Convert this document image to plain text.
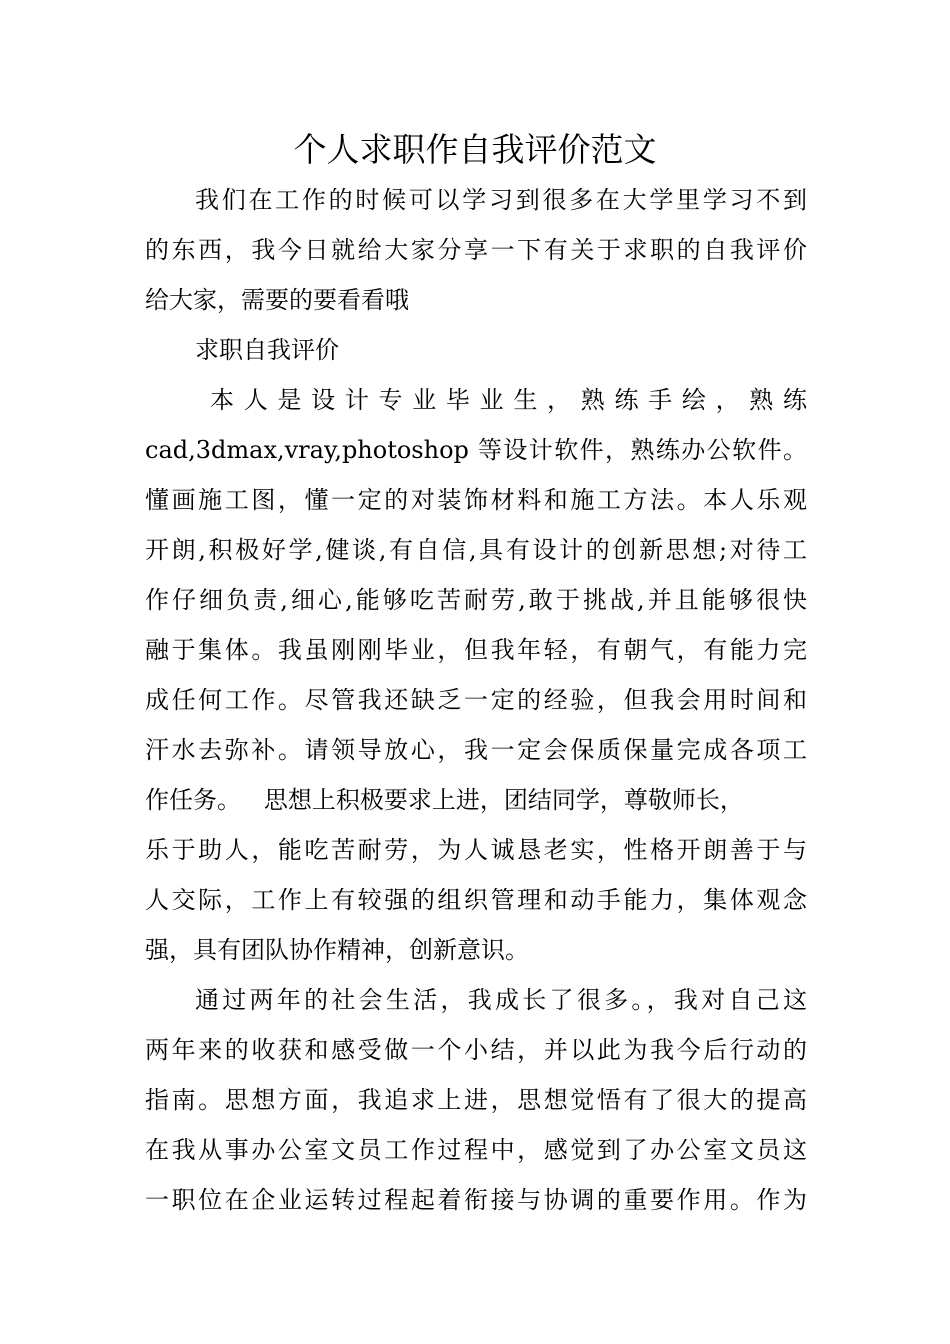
个人求职作自我评价范文
我们在工作的时候可以学习到很多在大学里学习不到
的东西，我今日就给大家分享一下有关于求职的自我评价
给大家，需要的要看看哦
求职自我评价
本 人 是 设 计 专 业 毕 业 生 ， 熟 练 手 绘 ， 熟 练
cad,3dmax,vray,photoshop 等设计软件，熟练办公软件。
懂画施工图，懂一定的对装饰材料和施工方法。本人乐观
开朗,积极好学,健谈,有自信,具有设计的创新思想;对待工
作仔细负责,细心,能够吃苦耐劳,敢于挑战,并且能够很快
融于集体。我虽刚刚毕业，但我年轻，有朝气，有能力完
成任何工作。尽管我还缺乏一定的经验，但我会用时间和
汗水去弥补。请领导放心，我一定会保质保量完成各项工
作任务。   思想上积极要求上进，团结同学，尊敬师长，
乐于助人，能吃苦耐劳，为人诚恳老实，性格开朗善于与
人交际，工作上有较强的组织管理和动手能力，集体观念
强，具有团队协作精神，创新意识。
通过两年的社会生活，我成长了很多。，我对自己这
两年来的收获和感受做一个小结，并以此为我今后行动的
指南。思想方面，我追求上进，思想觉悟有了很大的提高
在我从事办公室文员工作过程中，感觉到了办公室文员这
一职位在企业运转过程起着衔接与协调的重要作用。作为
